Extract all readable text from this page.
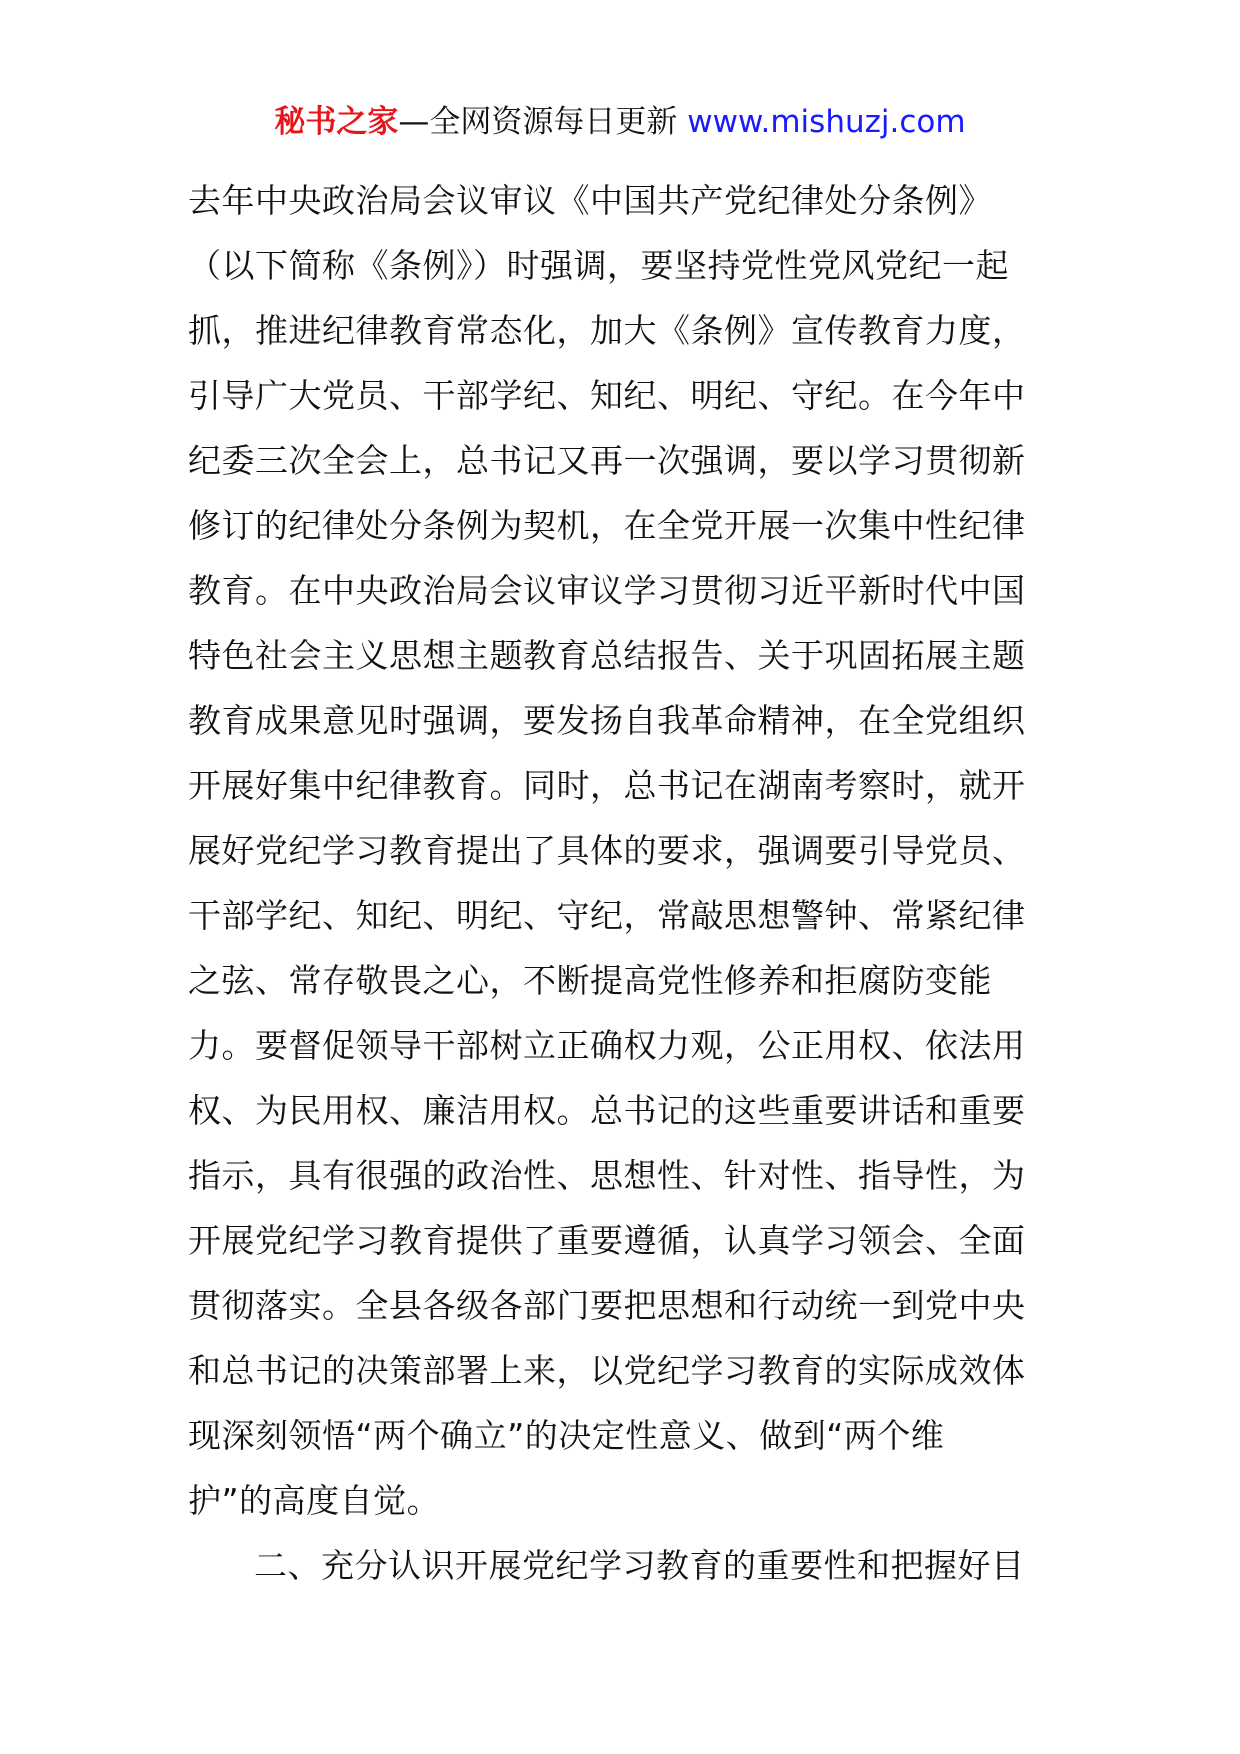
秘书之家—全网资源每日更新 www.mishuzj.com
去年中央政治局会议审议《中国共产党纪律处分条例》
（以下简称《条例》）时强调，要坚持党性党风党纪一起
抓，推进纪律教育常态化，加大《条例》宣传教育力度，
引导广大党员、干部学纪、知纪、明纪、守纪。在今年中
纪委三次全会上，总书记又再一次强调，要以学习贯彻新
修订的纪律处分条例为契机，在全党开展一次集中性纪律
教育。在中央政治局会议审议学习贯彻习近平新时代中国
特色社会主义思想主题教育总结报告、关于巩固拓展主题
教育成果意见时强调，要发扬自我革命精神，在全党组织
开展好集中纪律教育。同时，总书记在湖南考察时，就开
展好党纪学习教育提出了具体的要求，强调要引导党员、
干部学纪、知纪、明纪、守纪，常敲思想警钟、常紧纪律
之弦、常存敬畏之心，不断提高党性修养和拒腐防变能
力。要督促领导干部树立正确权力观，公正用权、依法用
权、为民用权、廉洁用权。总书记的这些重要讲话和重要
指示，具有很强的政治性、思想性、针对性、指导性，为
开展党纪学习教育提供了重要遵循，认真学习领会、全面
贯彻落实。全县各级各部门要把思想和行动统一到党中央
和总书记的决策部署上来，以党纪学习教育的实际成效体
现深刻领悟“两个确立”的决定性意义、做到“两个维
护”的高度自觉。
二、充分认识开展党纪学习教育的重要性和把握好目
